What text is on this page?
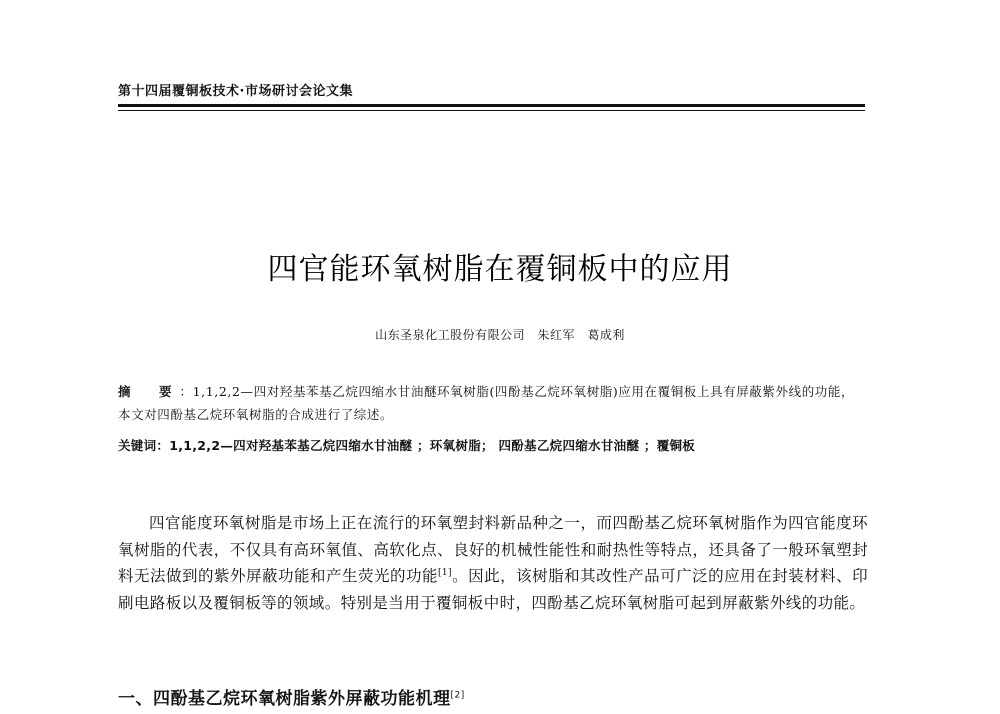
第十四届覆铜板技术·市场研讨会论文集
四官能环氧树脂在覆铜板中的应用
山东圣泉化工股份有限公司 朱红军 葛成利
摘　要：1,1,2,2—四对羟基苯基乙烷四缩水甘油醚环氧树脂(四酚基乙烷环氧树脂)应用在覆铜板上具有屏蔽紫外线的功能，本文对四酚基乙烷环氧树脂的合成进行了综述。
关键词：1,1,2,2—四对羟基苯基乙烷四缩水甘油醚 ；环氧树脂； 四酚基乙烷四缩水甘油醚 ；覆铜板

四官能度环氧树脂是市场上正在流行的环氧塑封料新品种之一，而四酚基乙烷环氧树脂作为四官能度环氧树脂的代表，不仅具有高环氧值、高软化点、良好的机械性能性和耐热性等特点，还具备了一般环氧塑封料无法做到的紫外屏蔽功能和产生荧光的功能[1]。因此，该树脂和其改性产品可广泛的应用在封装材料、印刷电路板以及覆铜板等的领域。特别是当用于覆铜板中时，四酚基乙烷环氧树脂可起到屏蔽紫外线的功能。

一、四酚基乙烷环氧树脂紫外屏蔽功能机理[2]
